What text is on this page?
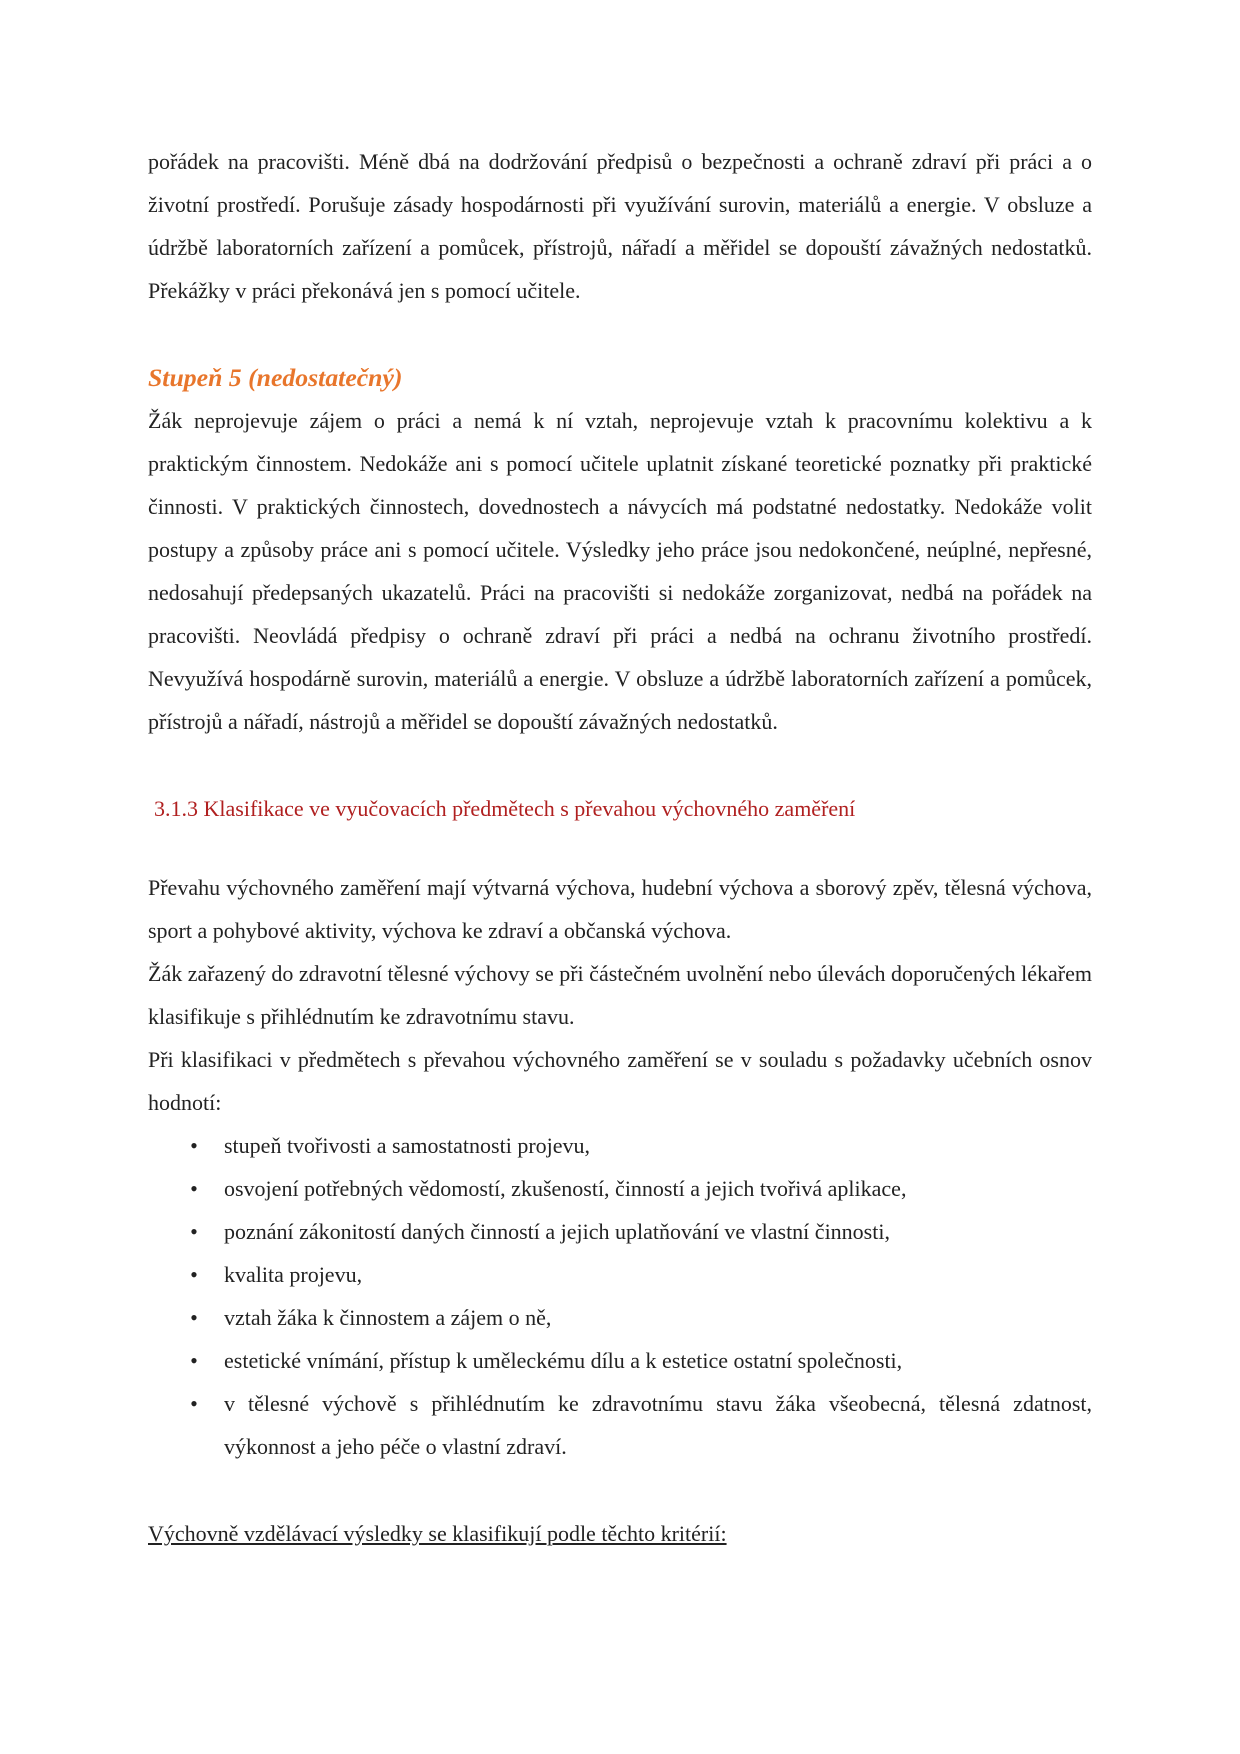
pořádek na pracovišti. Méně dbá na dodržování předpisů o bezpečnosti a ochraně zdraví při práci a o životní prostředí. Porušuje zásady hospodárnosti při využívání surovin, materiálů a energie. V obsluze a údržbě laboratorních zařízení a pomůcek, přístrojů, nářadí a měřidel se dopouští závažných nedostatků. Překážky v práci překonává jen s pomocí učitele.

Stupeň 5 (nedostatečný)

Žák neprojevuje zájem o práci a nemá k ní vztah, neprojevuje vztah k pracovnímu kolektivu a k praktickým činnostem. Nedokáže ani s pomocí učitele uplatnit získané teoretické poznatky při praktické činnosti. V praktických činnostech, dovednostech a návycích má podstatné nedostatky. Nedokáže volit postupy a způsoby práce ani s pomocí učitele. Výsledky jeho práce jsou nedokončené, neúplné, nepřesné, nedosahují předepsaných ukazatelů. Práci na pracovišti si nedokáže zorganizovat, nedbá na pořádek na pracovišti. Neovládá předpisy o ochraně zdraví při práci a nedbá na ochranu životního prostředí. Nevyužívá hospodárně surovin, materiálů a energie. V obsluze a údržbě laboratorních zařízení a pomůcek, přístrojů a nářadí, nástrojů a měřidel se dopouští závažných nedostatků.

3.1.3 Klasifikace ve vyučovacích předmětech s převahou výchovného zaměření

Převahu výchovného zaměření mají výtvarná výchova, hudební výchova a sborový zpěv, tělesná výchova, sport a pohybové aktivity, výchova ke zdraví a občanská výchova.

Žák zařazený do zdravotní tělesné výchovy se při částečném uvolnění nebo úlevách doporučených lékařem klasifikuje s přihlédnutím ke zdravotnímu stavu.

Při klasifikaci v předmětech s převahou výchovného zaměření se v souladu s požadavky učebních osnov hodnotí:

• stupeň tvořivosti a samostatnosti projevu,
• osvojení potřebných vědomostí, zkušeností, činností a jejich tvořivá aplikace,
• poznání zákonitostí daných činností a jejich uplatňování ve vlastní činnosti,
• kvalita projevu,
• vztah žáka k činnostem a zájem o ně,
• estetické vnímání, přístup k uměleckému dílu a k estetice ostatní společnosti,
• v tělesné výchově s přihlédnutím ke zdravotnímu stavu žáka všeobecná, tělesná zdatnost, výkonnost a jeho péče o vlastní zdraví.

Výchovně vzdělávací výsledky se klasifikují podle těchto kritérií:
